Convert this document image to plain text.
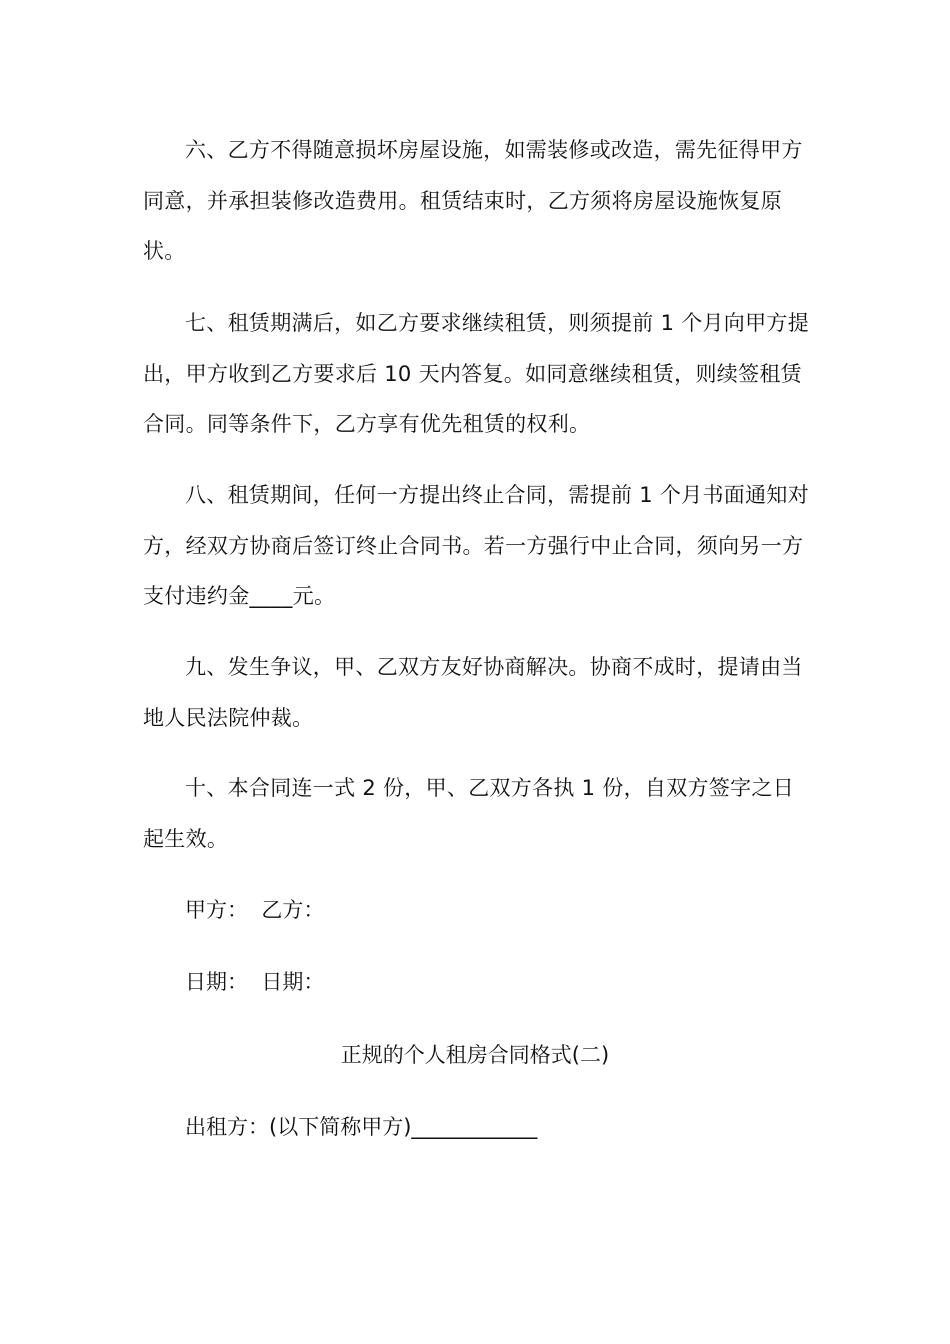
六、乙方不得随意损坏房屋设施，如需装修或改造，需先征得甲方同意，并承担装修改造费用。租赁结束时，乙方须将房屋设施恢复原状。

七、租赁期满后，如乙方要求继续租赁，则须提前 1 个月向甲方提出，甲方收到乙方要求后 10 天内答复。如同意继续租赁，则续签租赁合同。同等条件下，乙方享有优先租赁的权利。

八、租赁期间，任何一方提出终止合同，需提前 1 个月书面通知对方，经双方协商后签订终止合同书。若一方强行中止合同，须向另一方支付违约金____元。

九、发生争议，甲、乙双方友好协商解决。协商不成时，提请由当地人民法院仲裁。

十、本合同连一式 2 份，甲、乙双方各执 1 份，自双方签字之日起生效。

甲方：  乙方：

日期：  日期：

正规的个人租房合同格式(二)

出租方：(以下简称甲方)____________
